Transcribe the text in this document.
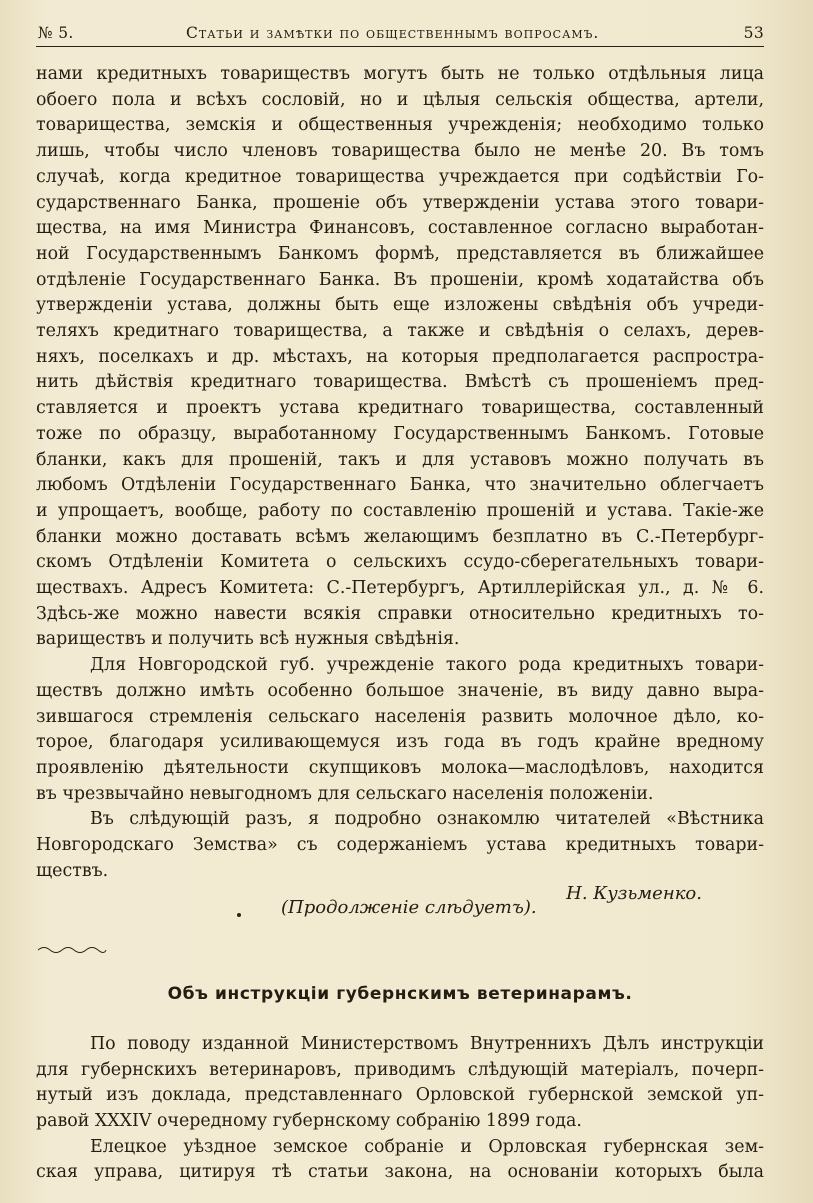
№ 5.	Статьи и замѣтки по общественнымъ вопросамъ.	53

нами кредитныхъ товариществъ могутъ быть не только отдѣльныя лица

обоего пола и всѣхъ сословій, но и цѣлыя сельскія общества, артели,

товарищества, земскія и общественныя учрежденія; необходимо только

лишь, чтобы число членовъ товарищества было не менѣе 20. Въ томъ

случаѣ, когда кредитное товарищества учреждается при содѣйствіи Го-

сударственнаго Банка, прошеніе объ утвержденіи устава этого товари-

щества, на имя Министра Финансовъ, составленное согласно выработан-

ной Государственнымъ Банкомъ формѣ, представляется въ ближайшее

отдѣленіе Государственнаго Банка. Въ прошеніи, кромѣ ходатайства объ

утвержденіи устава, должны быть еще изложены свѣдѣнія объ учреди-

теляхъ кредитнаго товарищества, а также и свѣдѣнія о селахъ, дерев-

няхъ, поселкахъ и др. мѣстахъ, на которыя предполагается распростра-

нить дѣйствія кредитнаго товарищества. Вмѣстѣ съ прошеніемъ пред-

ставляется и проектъ устава кредитнаго товарищества, составленный

тоже по образцу, выработанному Государственнымъ Банкомъ. Готовые

бланки, какъ для прошеній, такъ и для уставовъ можно получать въ

любомъ Отдѣленіи Государственнаго Банка, что значительно облегчаетъ

и упрощаетъ, вообще, работу по составленію прошеній и устава. Такіе-же

бланки можно доставать всѣмъ желающимъ безплатно въ С.-Петербург-

скомъ Отдѣленіи Комитета о сельскихъ ссудо-сберегательныхъ товари-

ществахъ. Адресъ Комитета: С.-Петербургъ, Артиллерійская ул., д. № 6.

Здѣсь-же можно навести всякія справки относительно кредитныхъ то-

вариществъ и получить всѣ нужныя свѣдѣнія.

Для Новгородской губ. учрежденіе такого рода кредитныхъ товари-

ществъ должно имѣть особенно большое значеніе, въ виду давно выра-

зившагося стремленія сельскаго населенія развить молочное дѣло, ко-

торое, благодаря усиливающемуся изъ года въ годъ крайне вредному

проявленію дѣятельности скупщиковъ молока—маслодѣловъ, находится

въ чрезвычайно невыгодномъ для сельскаго населенія положеніи.

Въ слѣдующій разъ, я подробно ознакомлю читателей «Вѣстника

Новгородскаго Земства» съ содержаніемъ устава кредитныхъ товари-

ществъ.

(Продолженіе слѣдуетъ).
Н. Кузьменко.
Объ инструкціи губернскимъ ветеринарамъ.

По поводу изданной Министерствомъ Внутреннихъ Дѣлъ инструкціи

для губернскихъ ветеринаровъ, приводимъ слѣдующій матеріалъ, почерп-

нутый изъ доклада, представленнаго Орловской губернской земской уп-

равой XXXIV очередному губернскому собранію 1899 года.

Елецкое уѣздное земское собраніе и Орловская губернская зем-

ская управа, цитируя тѣ статьи закона, на основаніи которыхъ была
